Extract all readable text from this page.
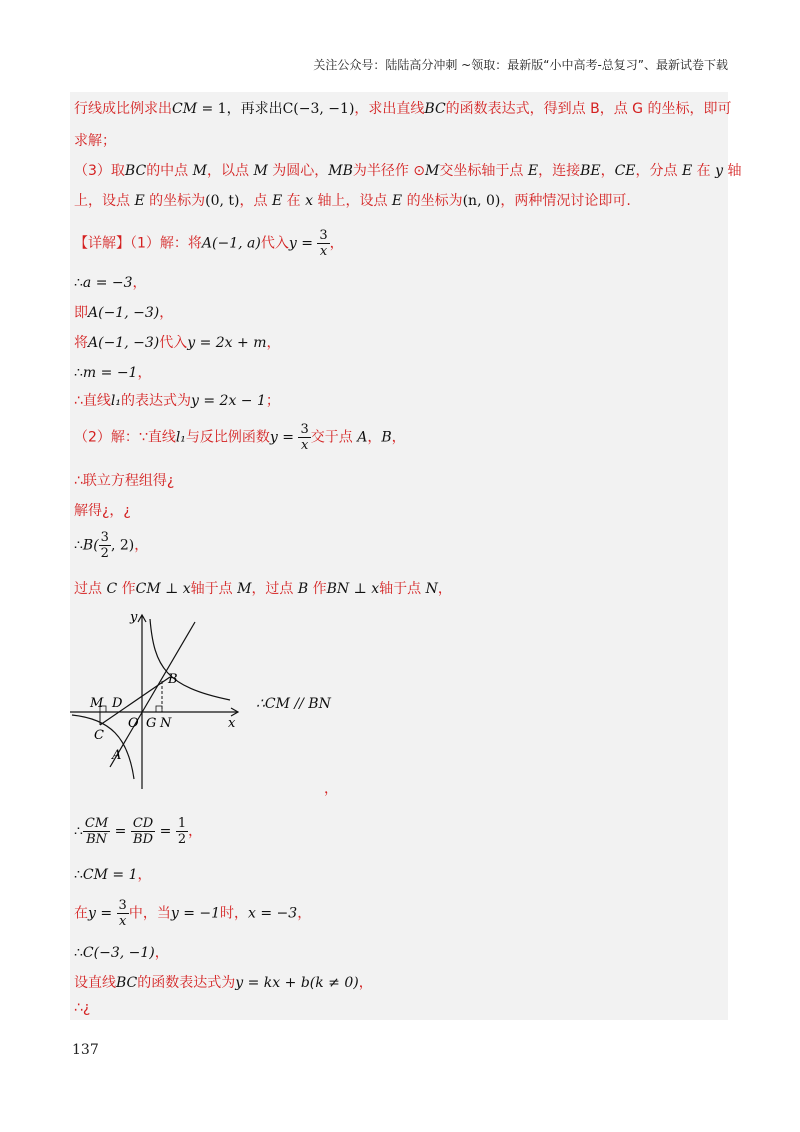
关注公众号：陆陆高分冲刺 ~领取：最新版“小中高考-总复习”、最新试卷下载
行线成比例求出CM = 1，再求出C(−3, −1)，求出直线BC的函数表达式，得到点 B，点 G 的坐标，即可
求解；
（3）取BC的中点 M，以点 M 为圆心，MB为半径作 ⊙M交坐标轴于点 E，连接BE，CE，分点 E 在 y 轴
上，设点 E 的坐标为(0, t)，点 E 在 x 轴上，设点 E 的坐标为(n, 0)，两种情况讨论即可.
【详解】（1）解：将A(−1, a)代入$y = \frac{3}{x}$ ，
∴a = −3，
即A(−1, −3)，
将A(−1, −3)代入y = 2x + m，
∴m = −1，
∴直线l₁的表达式为y = 2x − 1；
（2）解：∵直线l₁与反比例函数$y = \frac{3}{x}$ 交于点 A，B，
∴联立方程组得¿
解得¿，¿
∴B( $\frac{3}{2}$ , 2)，
过点 C 作CM ⊥ x轴于点 M，过点 B 作BN ⊥ x轴于点 N，
y
x
B
M D
O G N
C
A
∴CM // BN
，
∴ $\frac{CM}{BN} = \frac{CD}{BD} = \frac{1}{2}$ ，
∴CM = 1，
在$y = \frac{3}{x}$ 中，当y = −1时，x = −3，
∴C(−3, −1)，
设直线BC的函数表达式为y = kx + b(k ≠ 0)，
∴¿
137
